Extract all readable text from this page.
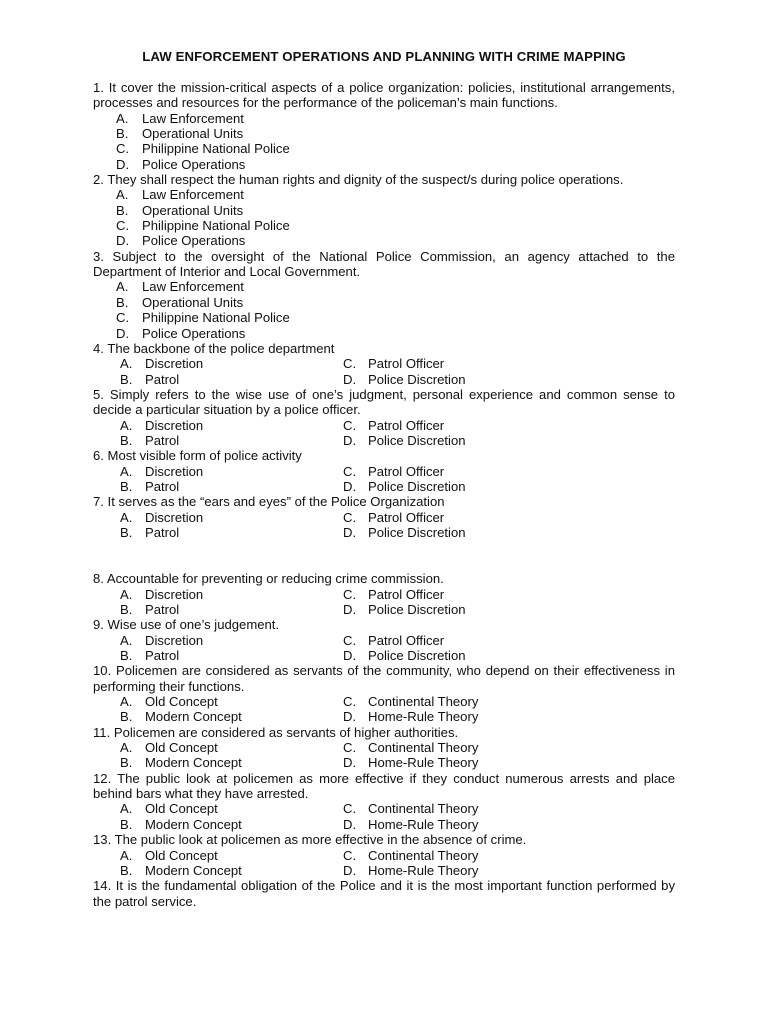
LAW ENFORCEMENT OPERATIONS AND PLANNING WITH CRIME MAPPING
1. It cover the mission-critical aspects of a police organization: policies, institutional arrangements, processes and resources for the performance of the policeman’s main functions.
A. Law Enforcement
B. Operational Units
C. Philippine National Police
D. Police Operations
2. They shall respect the human rights and dignity of the suspect/s during police operations.
A. Law Enforcement
B. Operational Units
C. Philippine National Police
D. Police Operations
3. Subject to the oversight of the National Police Commission, an agency attached to the Department of Interior and Local Government.
A. Law Enforcement
B. Operational Units
C. Philippine National Police
D. Police Operations
4. The backbone of the police department
A. Discretion	C. Patrol Officer
B. Patrol	D. Police Discretion
5. Simply refers to the wise use of one’s judgment, personal experience and common sense to decide a particular situation by a police officer.
A. Discretion	C. Patrol Officer
B. Patrol	D. Police Discretion
6. Most visible form of police activity
A. Discretion	C. Patrol Officer
B. Patrol	D. Police Discretion
7. It serves as the “ears and eyes” of the Police Organization
A. Discretion	C. Patrol Officer
B. Patrol	D. Police Discretion
8. Accountable for preventing or reducing crime commission.
A. Discretion	C. Patrol Officer
B. Patrol	D. Police Discretion
9. Wise use of one’s judgement.
A. Discretion	C. Patrol Officer
B. Patrol	D. Police Discretion
10. Policemen are considered as servants of the community, who depend on their effectiveness in performing their functions.
A. Old Concept	C. Continental Theory
B. Modern Concept	D. Home-Rule Theory
11. Policemen are considered as servants of higher authorities.
A. Old Concept	C. Continental Theory
B. Modern Concept	D. Home-Rule Theory
12. The public look at policemen as more effective if they conduct numerous arrests and place behind bars what they have arrested.
A. Old Concept	C. Continental Theory
B. Modern Concept	D. Home-Rule Theory
13. The public look at policemen as more effective in the absence of crime.
A. Old Concept	C. Continental Theory
B. Modern Concept	D. Home-Rule Theory
14. It is the fundamental obligation of the Police and it is the most important function performed by the patrol service.
